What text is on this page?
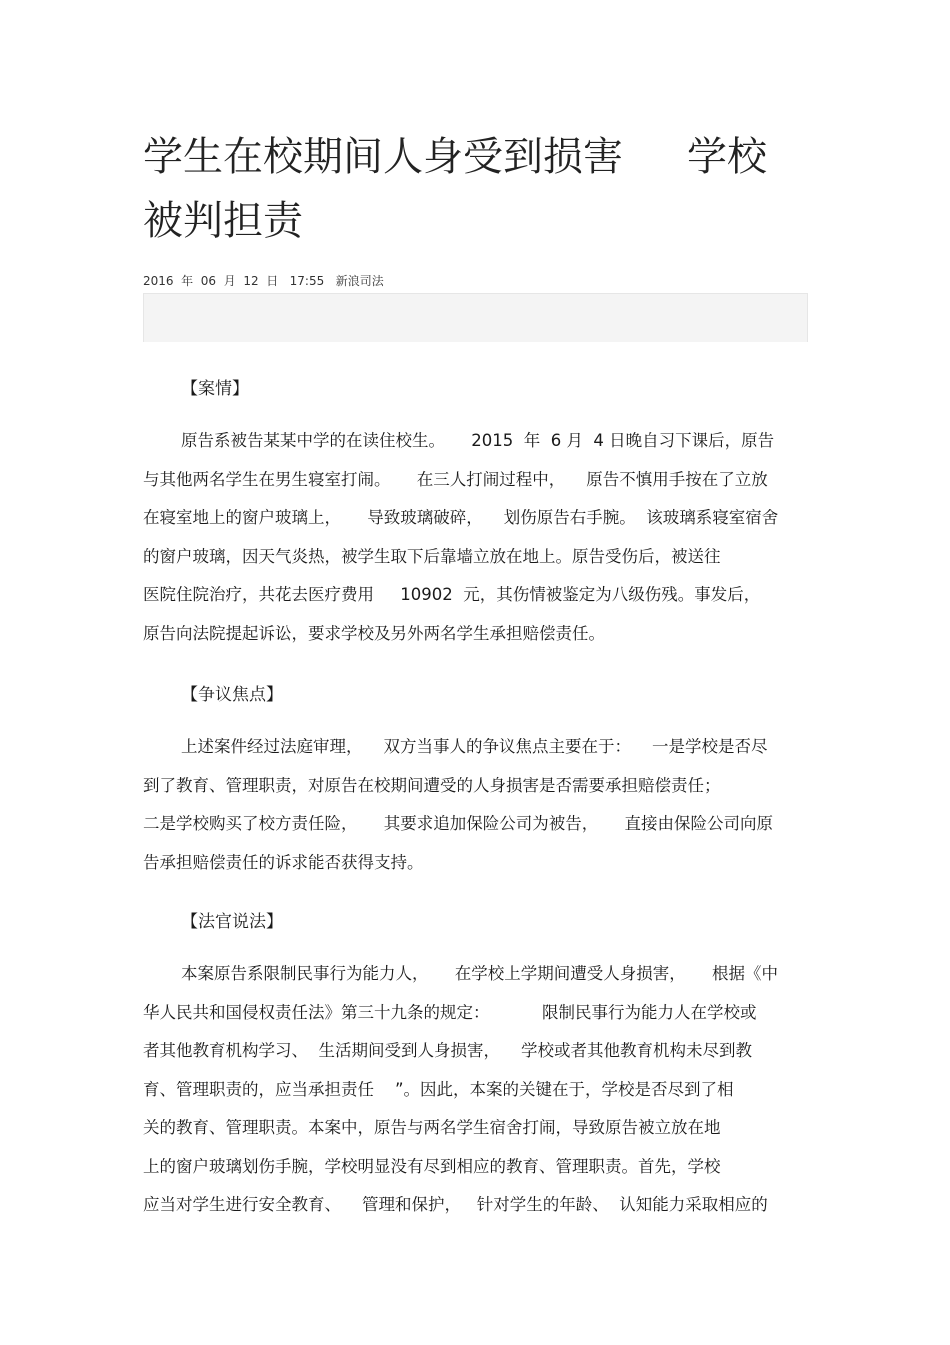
学生在校期间人身受到损害 学校
被判担责
2016  年  06  月  12  日   17:55   新浪司法
【案情】
原告系被告某某中学的在读住校生。     2015  年  6 月  4 日晚自习下课后，原告
与其他两名学生在男生寝室打闹。     在三人打闹过程中，    原告不慎用手按在了立放
在寝室地上的窗户玻璃上，     导致玻璃破碎，    划伤原告右手腕。  该玻璃系寝室宿舍
的窗户玻璃，因天气炎热，被学生取下后靠墙立放在地上。原告受伤后，被送往
医院住院治疗，共花去医疗费用     10902  元，其伤情被鉴定为八级伤残。事发后，
原告向法院提起诉讼，要求学校及另外两名学生承担赔偿责任。
【争议焦点】
上述案件经过法庭审理，    双方当事人的争议焦点主要在于：    一是学校是否尽
到了教育、管理职责，对原告在校期间遭受的人身损害是否需要承担赔偿责任；
二是学校购买了校方责任险，     其要求追加保险公司为被告，     直接由保险公司向原
告承担赔偿责任的诉求能否获得支持。
【法官说法】
本案原告系限制民事行为能力人，     在学校上学期间遭受人身损害，     根据《中
华人民共和国侵权责任法》第三十九条的规定：          限制民事行为能力人在学校或
者其他教育机构学习、  生活期间受到人身损害，    学校或者其他教育机构未尽到教
育、管理职责的，应当承担责任    ”。因此，本案的关键在于，学校是否尽到了相
关的教育、管理职责。本案中，原告与两名学生宿舍打闹，导致原告被立放在地
上的窗户玻璃划伤手腕，学校明显没有尽到相应的教育、管理职责。首先，学校
应当对学生进行安全教育、    管理和保护，   针对学生的年龄、  认知能力采取相应的
